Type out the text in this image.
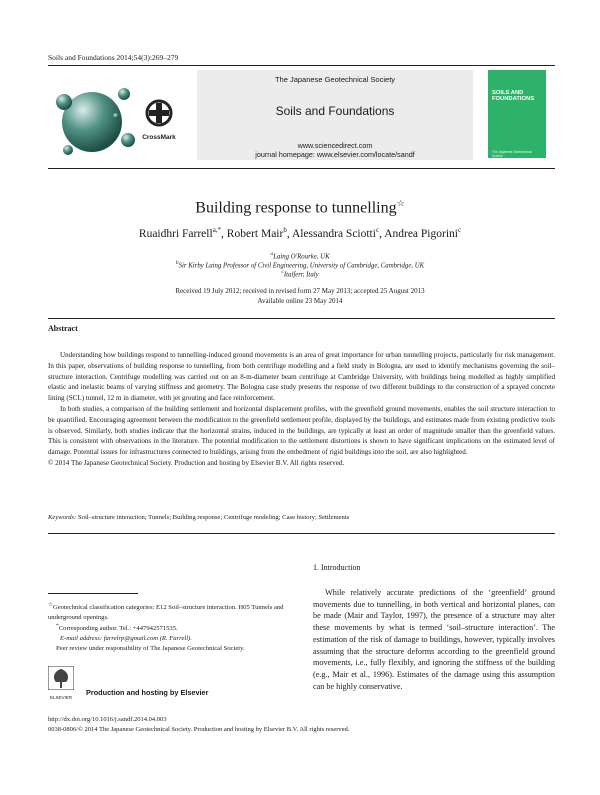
Soils and Foundations 2014;54(3):269–279
CrossMark
The Japanese Geotechnical Society
Soils and Foundations
www.sciencedirect.com
journal homepage: www.elsevier.com/locate/sandf
SOILS AND FOUNDATIONS
The Japanese Geotechnical Society
Building response to tunnelling☆
Ruaidhri Farrell$^{a,*}$, Robert Mair$^b$, Alessandra Sciotti$^c$, Andrea Pigorini$^c$
$^a$Laing O'Rourke, UK
$^b$Sir Kirby Laing Professor of Civil Engineering, University of Cambridge, Cambridge, UK
$^c$Italferr, Italy
Received 19 July 2012; received in revised form 27 May 2013; accepted 25 August 2013
Available online 23 May 2014
Abstract

Understanding how buildings respond to tunnelling-induced ground movements is an area of great importance for urban tunnelling projects, particularly for risk management. In this paper, observations of building response to tunnelling, from both centrifuge modelling and a field study in Bologna, are used to identify mechanisms governing the soil–structure interaction. Centrifuge modelling was carried out on an 8-m-diameter beam centrifuge at Cambridge University, with buildings being modelled as highly simplified elastic and inelastic beams of varying stiffness and geometry. The Bologna case study presents the response of two different buildings to the construction of a sprayed concrete lining (SCL) tunnel, 12 m in diameter, with jet grouting and face reinforcement.

In both studies, a comparison of the building settlement and horizontal displacement profiles, with the greenfield ground movements, enables the soil structure interaction to be quantified. Encouraging agreement between the modification to the greenfield settlement profile, displayed by the buildings, and estimates made from existing predictive tools is observed. Similarly, both studies indicate that the horizontal strains, induced in the buildings, are typically at least an order of magnitude smaller than the greenfield values. This is consistent with observations in the literature. The potential modification to the settlement distortions is shown to have significant implications on the estimated level of damage. Potential issues for infrastructures connected to buildings, arising from the embedment of rigid buildings into the soil, are also highlighted.

© 2014 The Japanese Geotechnical Society. Production and hosting by Elsevier B.V. All rights reserved.

Keywords: Soil–structure interaction; Tunnels; Building response; Centrifuge modeling; Case history; Settlements

☆Geotechnical classification categories: E12 Soil–structure interaction. H05 Tunnels and underground openings.

*Corresponding author. Tel.: +447942571535.

E-mail address: farrelrp@gmail.com (R. Farrell).

Peer review under responsibility of The Japanese Geotechnical Society.

ELSEVIER
Production and hosting by Elsevier
1. Introduction

While relatively accurate predictions of the ‘greenfield’ ground movements due to tunnelling, in both vertical and horizontal planes, can be made (Mair and Taylor, 1997), the presence of a structure may alter these movements by what is termed ‘soil–structure interaction’. The estimation of the risk of damage to buildings, however, typically involves assuming that the structure deforms according to the greenfield ground movements, i.e., fully flexibly, and ignoring the stiffness of the building (e.g., Mair et al., 1996). Estimates of the damage using this assumption can be highly conservative.

http://dx.doi.org/10.1016/j.sandf.2014.04.003
0038-0806/© 2014 The Japanese Geotechnical Society. Production and hosting by Elsevier B.V. All rights reserved.
